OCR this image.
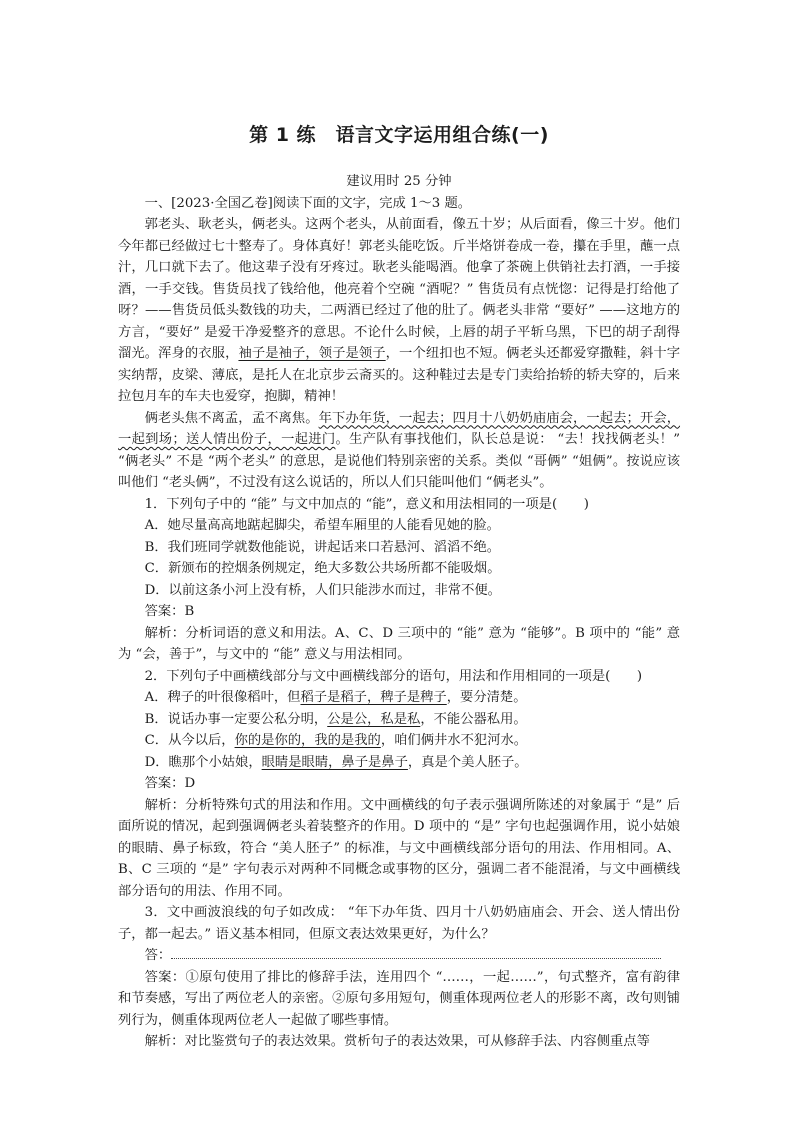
第 1 练　语言文字运用组合练(一)

建议用时 25 分钟

一、[2023·全国乙卷]阅读下面的文字，完成 1～3 题。

郭老头、耿老头，俩老头。这两个老头，从前面看，像五十岁；从后面看，像三十岁。他们今年都已经做过七十整寿了。身体真好！郭老头能吃饭。斤半烙饼卷成一卷，攥在手里，蘸一点汁，几口就下去了。他这辈子没有牙疼过。耿老头能喝酒。他拿了茶碗上供销社去打酒，一手接酒，一手交钱。售货员找了钱给他，他亮着个空碗 “酒呢？” 售货员有点恍惚：记得是打给他了呀？——售货员低头数钱的功夫，二两酒已经过了他的肚了。俩老头非常 “要好” ——这地方的方言，“要好” 是爱干净爱整齐的意思。不论什么时候，上唇的胡子平斩乌黑，下巴的胡子刮得溜光。浑身的衣服，袖子是袖子，领子是领子，一个纽扣也不短。俩老头还都爱穿撒鞋，斜十字实纳帮，皮梁、薄底，是托人在北京步云斋买的。这种鞋过去是专门卖给抬轿的轿夫穿的，后来拉包月车的车夫也爱穿，抱脚，精神！

俩老头焦不离孟，孟不离焦。年下办年货，一起去；四月十八奶奶庙庙会，一起去；开会，一起到场；送人情出份子，一起进门。生产队有事找他们，队长总是说： “去！找找俩老头！” “俩老头” 不是 “两个老头” 的意思，是说他们特别亲密的关系。类似 “哥俩” “姐俩”。按说应该叫他们 “老头俩”，不过没有这么说话的，所以人们只能叫他们 “俩老头”。

1．下列句子中的 “能” 与文中加点的 “能”，意义和用法相同的一项是(　　)

A．她尽量高高地踮起脚尖，希望车厢里的人能看见她的脸。

B．我们班同学就数他能说，讲起话来口若悬河、滔滔不绝。

C．新颁布的控烟条例规定，绝大多数公共场所都不能吸烟。

D．以前这条小河上没有桥，人们只能涉水而过，非常不便。

答案：B

解析：分析词语的意义和用法。A、C、D 三项中的 “能” 意为 “能够”。B 项中的 “能” 意为 “会，善于”，与文中的 “能” 意义与用法相同。

2．下列句子中画横线部分与文中画横线部分的语句，用法和作用相同的一项是(　　)

A．稗子的叶很像稻叶，但稻子是稻子，稗子是稗子，要分清楚。

B．说话办事一定要公私分明，公是公，私是私，不能公器私用。

C．从今以后，你的是你的，我的是我的，咱们俩井水不犯河水。

D．瞧那个小姑娘，眼睛是眼睛，鼻子是鼻子，真是个美人胚子。

答案：D

解析：分析特殊句式的用法和作用。文中画横线的句子表示强调所陈述的对象属于 “是” 后面所说的情况，起到强调俩老头着装整齐的作用。D 项中的 “是” 字句也起强调作用，说小姑娘的眼睛、鼻子标致，符合 “美人胚子” 的标准，与文中画横线部分语句的用法、作用相同。A、B、C 三项的 “是” 字句表示对两种不同概念或事物的区分，强调二者不能混淆，与文中画横线部分语句的用法、作用不同。

3．文中画波浪线的句子如改成： “年下办年货、四月十八奶奶庙庙会、开会、送人情出份子，都一起去。” 语义基本相同，但原文表达效果更好，为什么？

答：

答案：①原句使用了排比的修辞手法，连用四个 “……，一起……”，句式整齐，富有韵律和节奏感，写出了两位老人的亲密。②原句多用短句，侧重体现两位老人的形影不离，改句则铺列行为，侧重体现两位老人一起做了哪些事情。

解析：对比鉴赏句子的表达效果。赏析句子的表达效果，可从修辞手法、内容侧重点等
